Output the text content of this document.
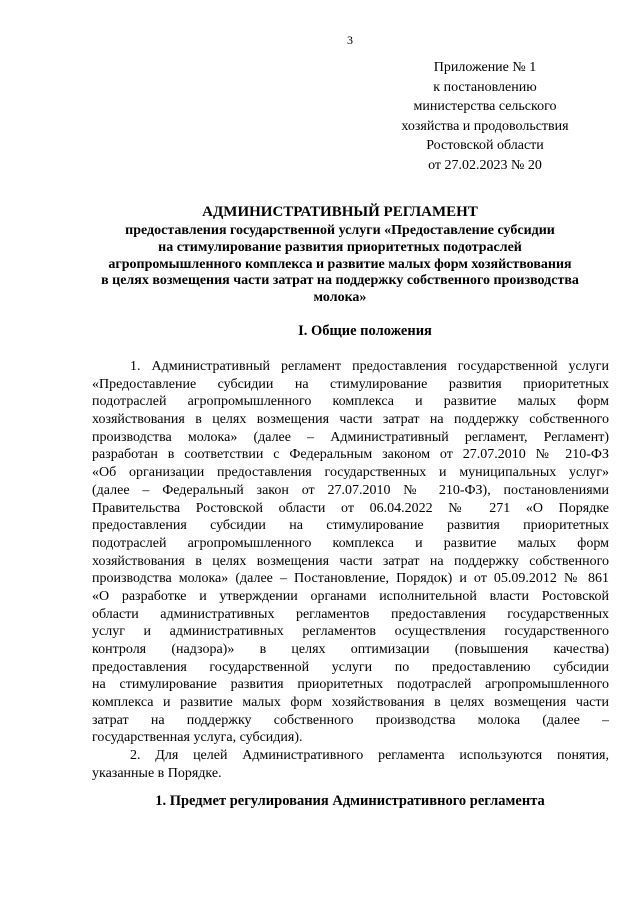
3
Приложение № 1
к постановлению
министерства сельского
хозяйства и продовольствия
Ростовской области
от 27.02.2023 № 20
АДМИНИСТРАТИВНЫЙ РЕГЛАМЕНТ
предоставления государственной услуги «Предоставление субсидии
на стимулирование развития приоритетных подотраслей
агропромышленного комплекса и развитие малых форм хозяйствования
в целях возмещения части затрат на поддержку собственного производства
молока»
I. Общие положения
1. Административный регламент предоставления государственной услуги
«Предоставление субсидии на стимулирование развития приоритетных
подотраслей агропромышленного комплекса и развитие малых форм
хозяйствования в целях возмещения части затрат на поддержку собственного
производства молока» (далее – Административный регламент, Регламент)
разработан в соответствии с Федеральным законом от 27.07.2010 № 210-ФЗ
«Об организации предоставления государственных и муниципальных услуг»
(далее – Федеральный закон от 27.07.2010 № 210-ФЗ), постановлениями
Правительства Ростовской области от 06.04.2022 № 271 «О Порядке
предоставления субсидии на стимулирование развития приоритетных
подотраслей агропромышленного комплекса и развитие малых форм
хозяйствования в целях возмещения части затрат на поддержку собственного
производства молока» (далее – Постановление, Порядок) и от 05.09.2012 № 861
«О разработке и утверждении органами исполнительной власти Ростовской
области административных регламентов предоставления государственных
услуг и административных регламентов осуществления государственного
контроля (надзора)» в целях оптимизации (повышения качества)
предоставления государственной услуги по предоставлению субсидии
на стимулирование развития приоритетных подотраслей агропромышленного
комплекса и развитие малых форм хозяйствования в целях возмещения части
затрат на поддержку собственного производства молока (далее –
государственная услуга, субсидия).
2. Для целей Административного регламента используются понятия,
указанные в Порядке.
1. Предмет регулирования Административного регламента
